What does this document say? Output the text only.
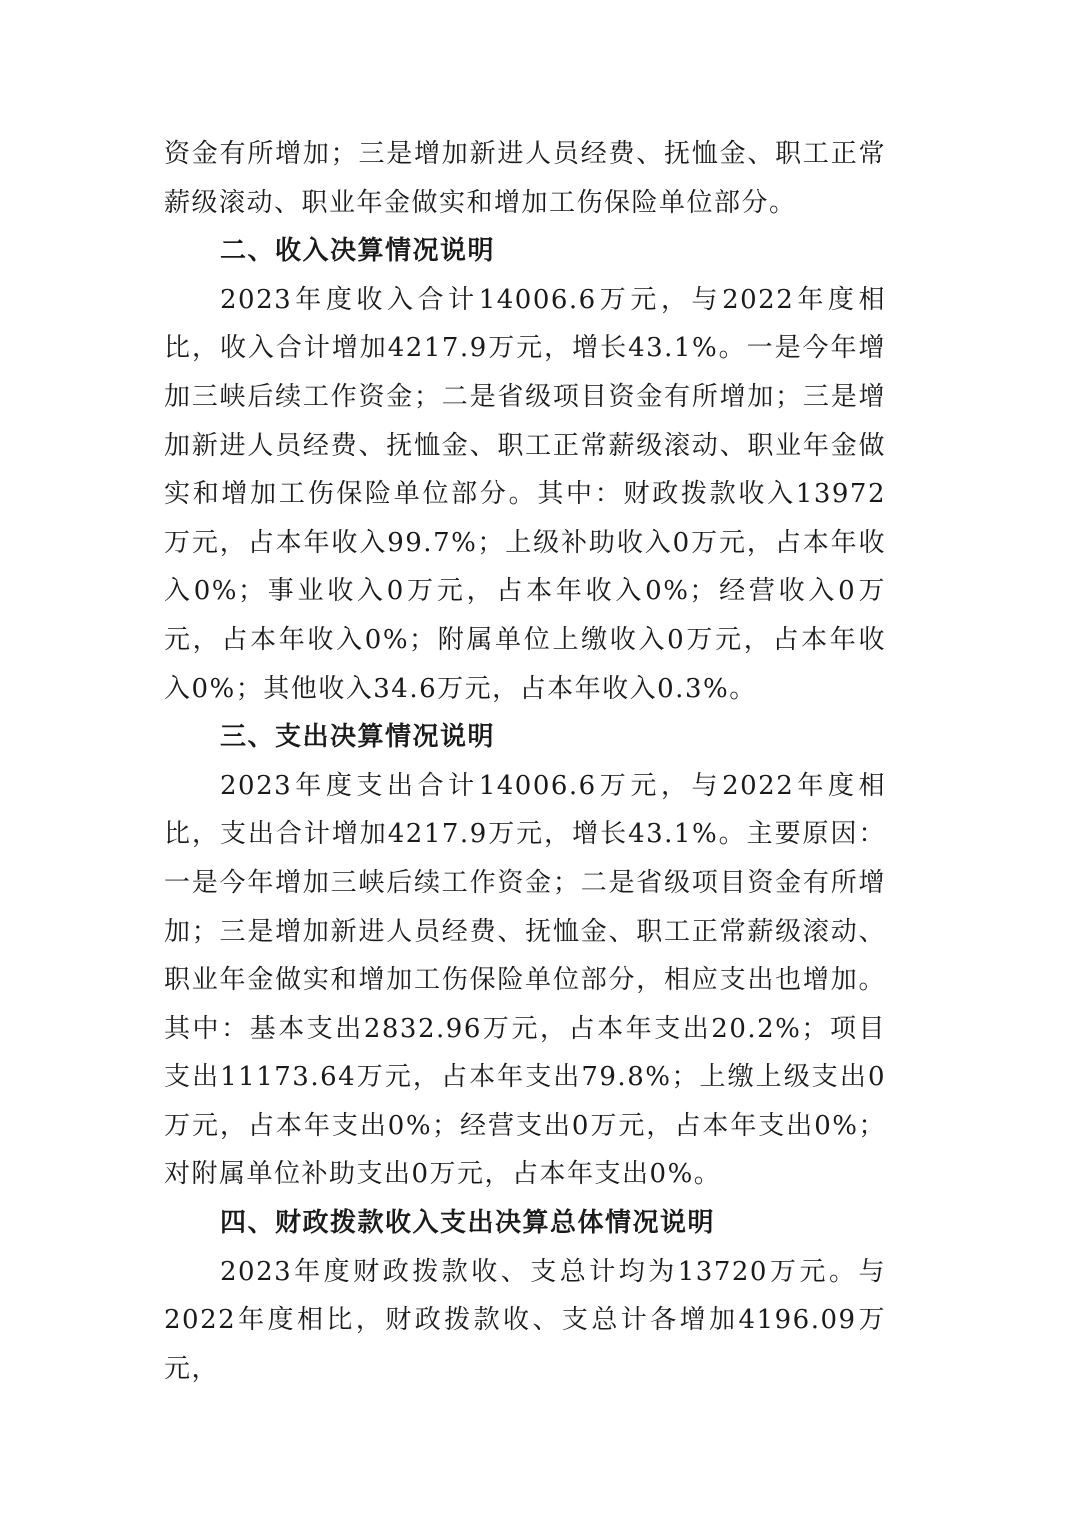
资金有所增加；三是增加新进人员经费、抚恤金、职工正常薪级滚动、职业年金做实和增加工伤保险单位部分。

二、收入决算情况说明

2023年度收入合计14006.6万元，与2022年度相比，收入合计增加4217.9万元，增长43.1%。一是今年增加三峡后续工作资金；二是省级项目资金有所增加；三是增加新进人员经费、抚恤金、职工正常薪级滚动、职业年金做实和增加工伤保险单位部分。其中：财政拨款收入13972万元，占本年收入99.7%；上级补助收入0万元，占本年收入0%；事业收入0万元，占本年收入0%；经营收入0万元，占本年收入0%；附属单位上缴收入0万元，占本年收入0%；其他收入34.6万元，占本年收入0.3%。

三、支出决算情况说明

2023年度支出合计14006.6万元，与2022年度相比，支出合计增加4217.9万元，增长43.1%。主要原因：一是今年增加三峡后续工作资金；二是省级项目资金有所增加；三是增加新进人员经费、抚恤金、职工正常薪级滚动、职业年金做实和增加工伤保险单位部分，相应支出也增加。其中：基本支出2832.96万元，占本年支出20.2%；项目支出11173.64万元，占本年支出79.8%；上缴上级支出0万元，占本年支出0%；经营支出0万元，占本年支出0%；对附属单位补助支出0万元，占本年支出0%。

四、财政拨款收入支出决算总体情况说明

2023年度财政拨款收、支总计均为13720万元。与2022年度相比，财政拨款收、支总计各增加4196.09万元，
